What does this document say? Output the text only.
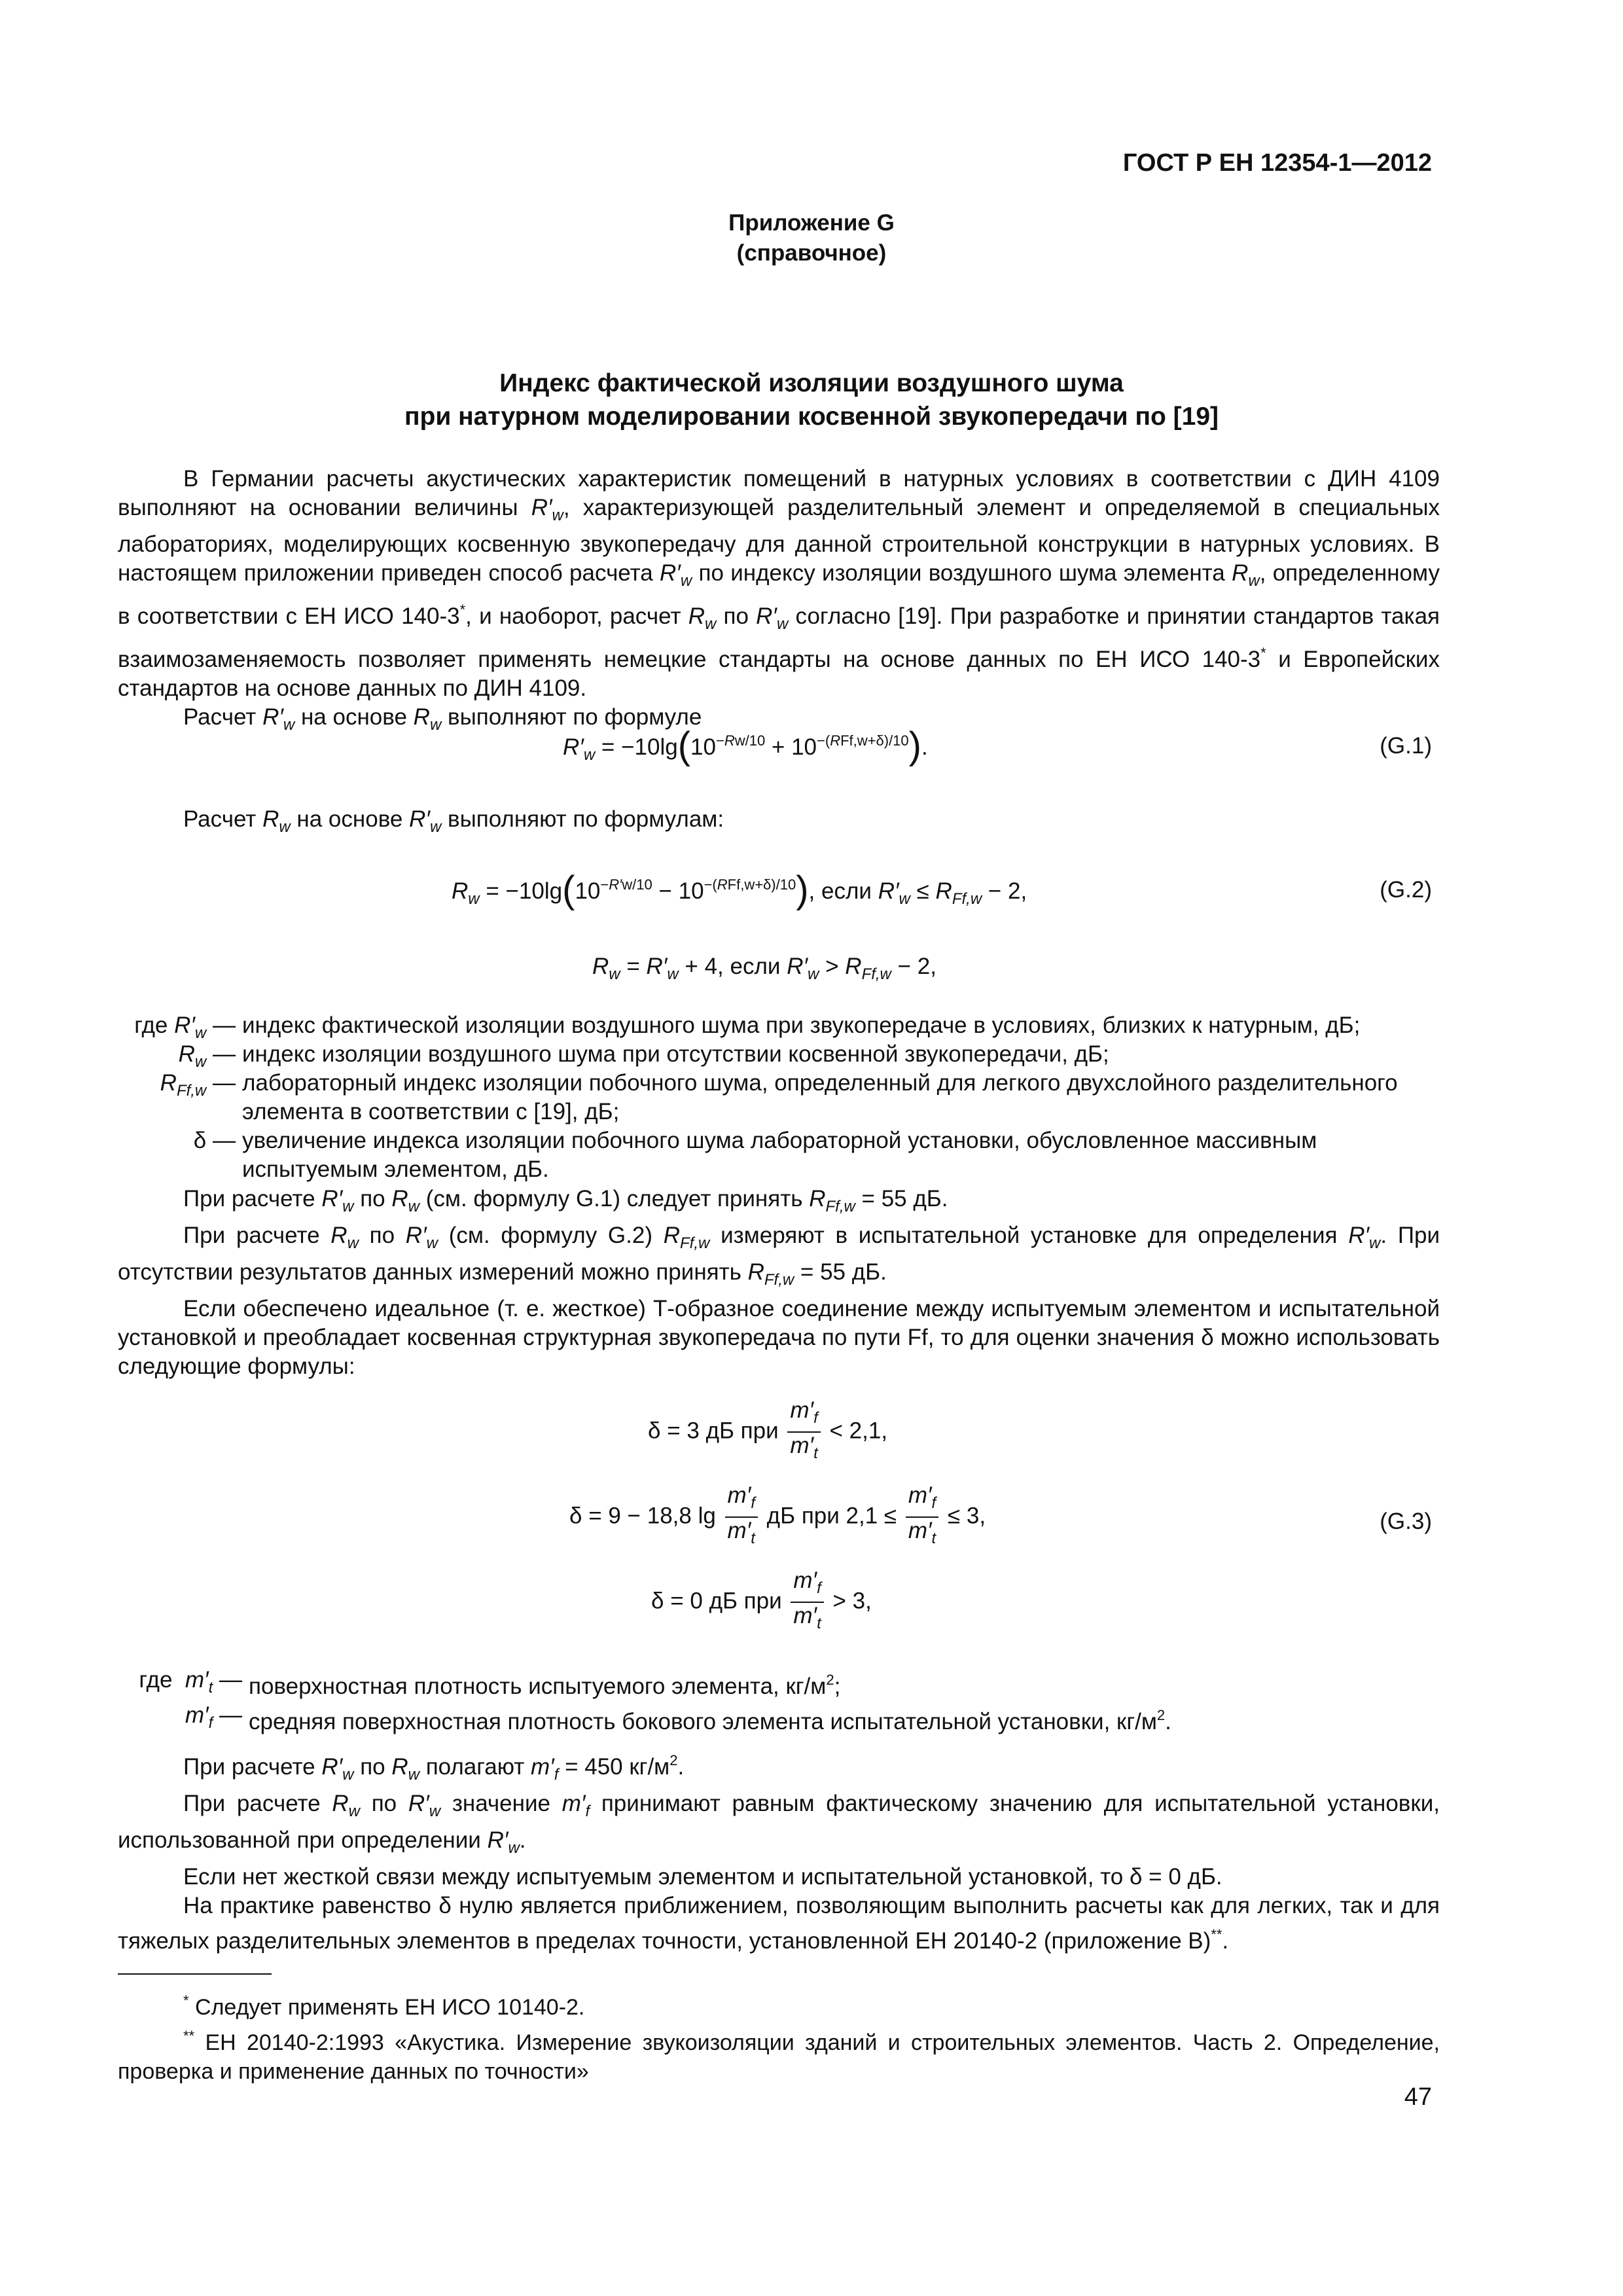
ГОСТ Р ЕН 12354-1—2012
Приложение G
(справочное)
Индекс фактической изоляции воздушного шума
при натурном моделировании косвенной звукопередачи по [19]
В Германии расчеты акустических характеристик помещений в натурных условиях в соответствии с ДИН 4109 выполняют на основании величины $R'_w$, характеризующей разделительный элемент и определяемой в специальных лабораториях, моделирующих косвенную звукопередачу для данной строительной конструкции в натурных условиях. В настоящем приложении приведен способ расчета $R'_w$ по индексу изоляции воздушного шума элемента $R_w$, определенному в соответствии с ЕН ИСО 140-3*, и наоборот, расчет $R_w$ по $R'_w$ согласно [19]. При разработке и принятии стандартов такая взаимозаменяемость позволяет применять немецкие стандарты на основе данных по ЕН ИСО 140-3* и Европейских стандартов на основе данных по ДИН 4109.
Расчет $R'_w$ на основе $R_w$ выполняют по формуле
$R'_w = -10\lg(10^{-Rw/10} + 10^{-(RFf,w+\delta)/10})$.	(G.1)
Расчет $R_w$ на основе $R'_w$ выполняют по формулам:
$R_w = -10\lg(10^{-R'w/10} - 10^{-(RFf,w+\delta)/10})$, если $R'_w \le R_{Ff,w} - 2$,	(G.2)
$R_w = R'_w + 4$, если $R'_w > R_{Ff,w} - 2$,
где $R'_w$ — индекс фактической изоляции воздушного шума при звукопередаче в условиях, близких к натурным, дБ;
$R_w$ — индекс изоляции воздушного шума при отсутствии косвенной звукопередачи, дБ;
$R_{Ff,w}$ — лабораторный индекс изоляции побочного шума, определенный для легкого двухслойного разделительного элемента в соответствии с [19], дБ;
δ — увеличение индекса изоляции побочного шума лабораторной установки, обусловленное массивным испытуемым элементом, дБ.
При расчете $R'_w$ по $R_w$ (см. формулу G.1) следует принять $R_{Ff,w} = 55$ дБ.
При расчете $R_w$ по $R'_w$ (см. формулу G.2) $R_{Ff,w}$ измеряют в испытательной установке для определения $R'_w$. При отсутствии результатов данных измерений можно принять $R_{Ff,w} = 55$ дБ.
Если обеспечено идеальное (т. е. жесткое) Т-образное соединение между испытуемым элементом и испытательной установкой и преобладает косвенная структурная звукопередача по пути Ff, то для оценки значения δ можно использовать следующие формулы:
δ = 3 дБ при $\frac{m'_f}{m'_t} < 2,1$,
δ = 9 − 18,8 $\lg \frac{m'_f}{m'_t}$ дБ при $2,1 \le \frac{m'_f}{m'_t} \le 3$,	(G.3)
δ = 0 дБ при $\frac{m'_f}{m'_t} > 3$,
где $m'_t$ — поверхностная плотность испытуемого элемента, $кг/м^2$;
$m'_f$ — средняя поверхностная плотность бокового элемента испытательной установки, $кг/м^2$.
При расчете $R'_w$ по $R_w$ полагают $m'_f = 450$ $кг/м^2$.
При расчете $R_w$ по $R'_w$ значение $m'_f$ принимают равным фактическому значению для испытательной установки, использованной при определении $R'_w$.
Если нет жесткой связи между испытуемым элементом и испытательной установкой, то δ = 0 дБ.
На практике равенство δ нулю является приближением, позволяющим выполнить расчеты как для легких, так и для тяжелых разделительных элементов в пределах точности, установленной ЕН 20140-2 (приложение В)**.
* Следует применять ЕН ИСО 10140-2.
** ЕН 20140-2:1993 «Акустика. Измерение звукоизоляции зданий и строительных элементов. Часть 2. Определение, проверка и применение данных по точности»
47
